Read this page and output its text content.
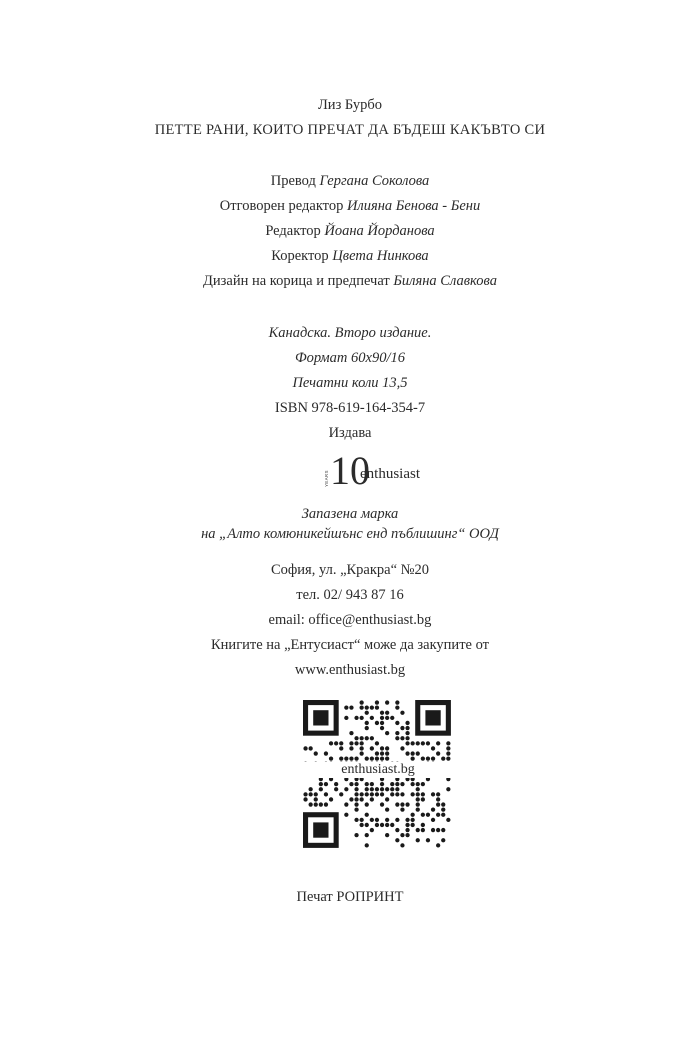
Лиз Бурбо
ПЕТТЕ РАНИ, КОИТО ПРЕЧАТ ДА БЪДЕШ КАКЪВТО СИ
Превод Гергана Соколова
Отговорен редактор Илияна Бенова - Бени
Редактор Йоана Йорданова
Коректор Цвета Нинкова
Дизайн на корица и предпечат Биляна Славкова
Канадска. Второ издание.
Формат 60x90/16
Печатни коли 13,5
ISBN 978-619-164-354-7
Издава
YEARS 10
enthusiast
Запазена марка
на „Алто комюникейшънс енд пъблишинг“ ООД
София, ул. „Кракра“ №20
тел. 02/ 943 87 16
email: office@enthusiast.bg
Книгите на „Ентусиаст“ може да закупите от
www.enthusiast.bg
enthusiast.bg
Печат РОПРИНТ
